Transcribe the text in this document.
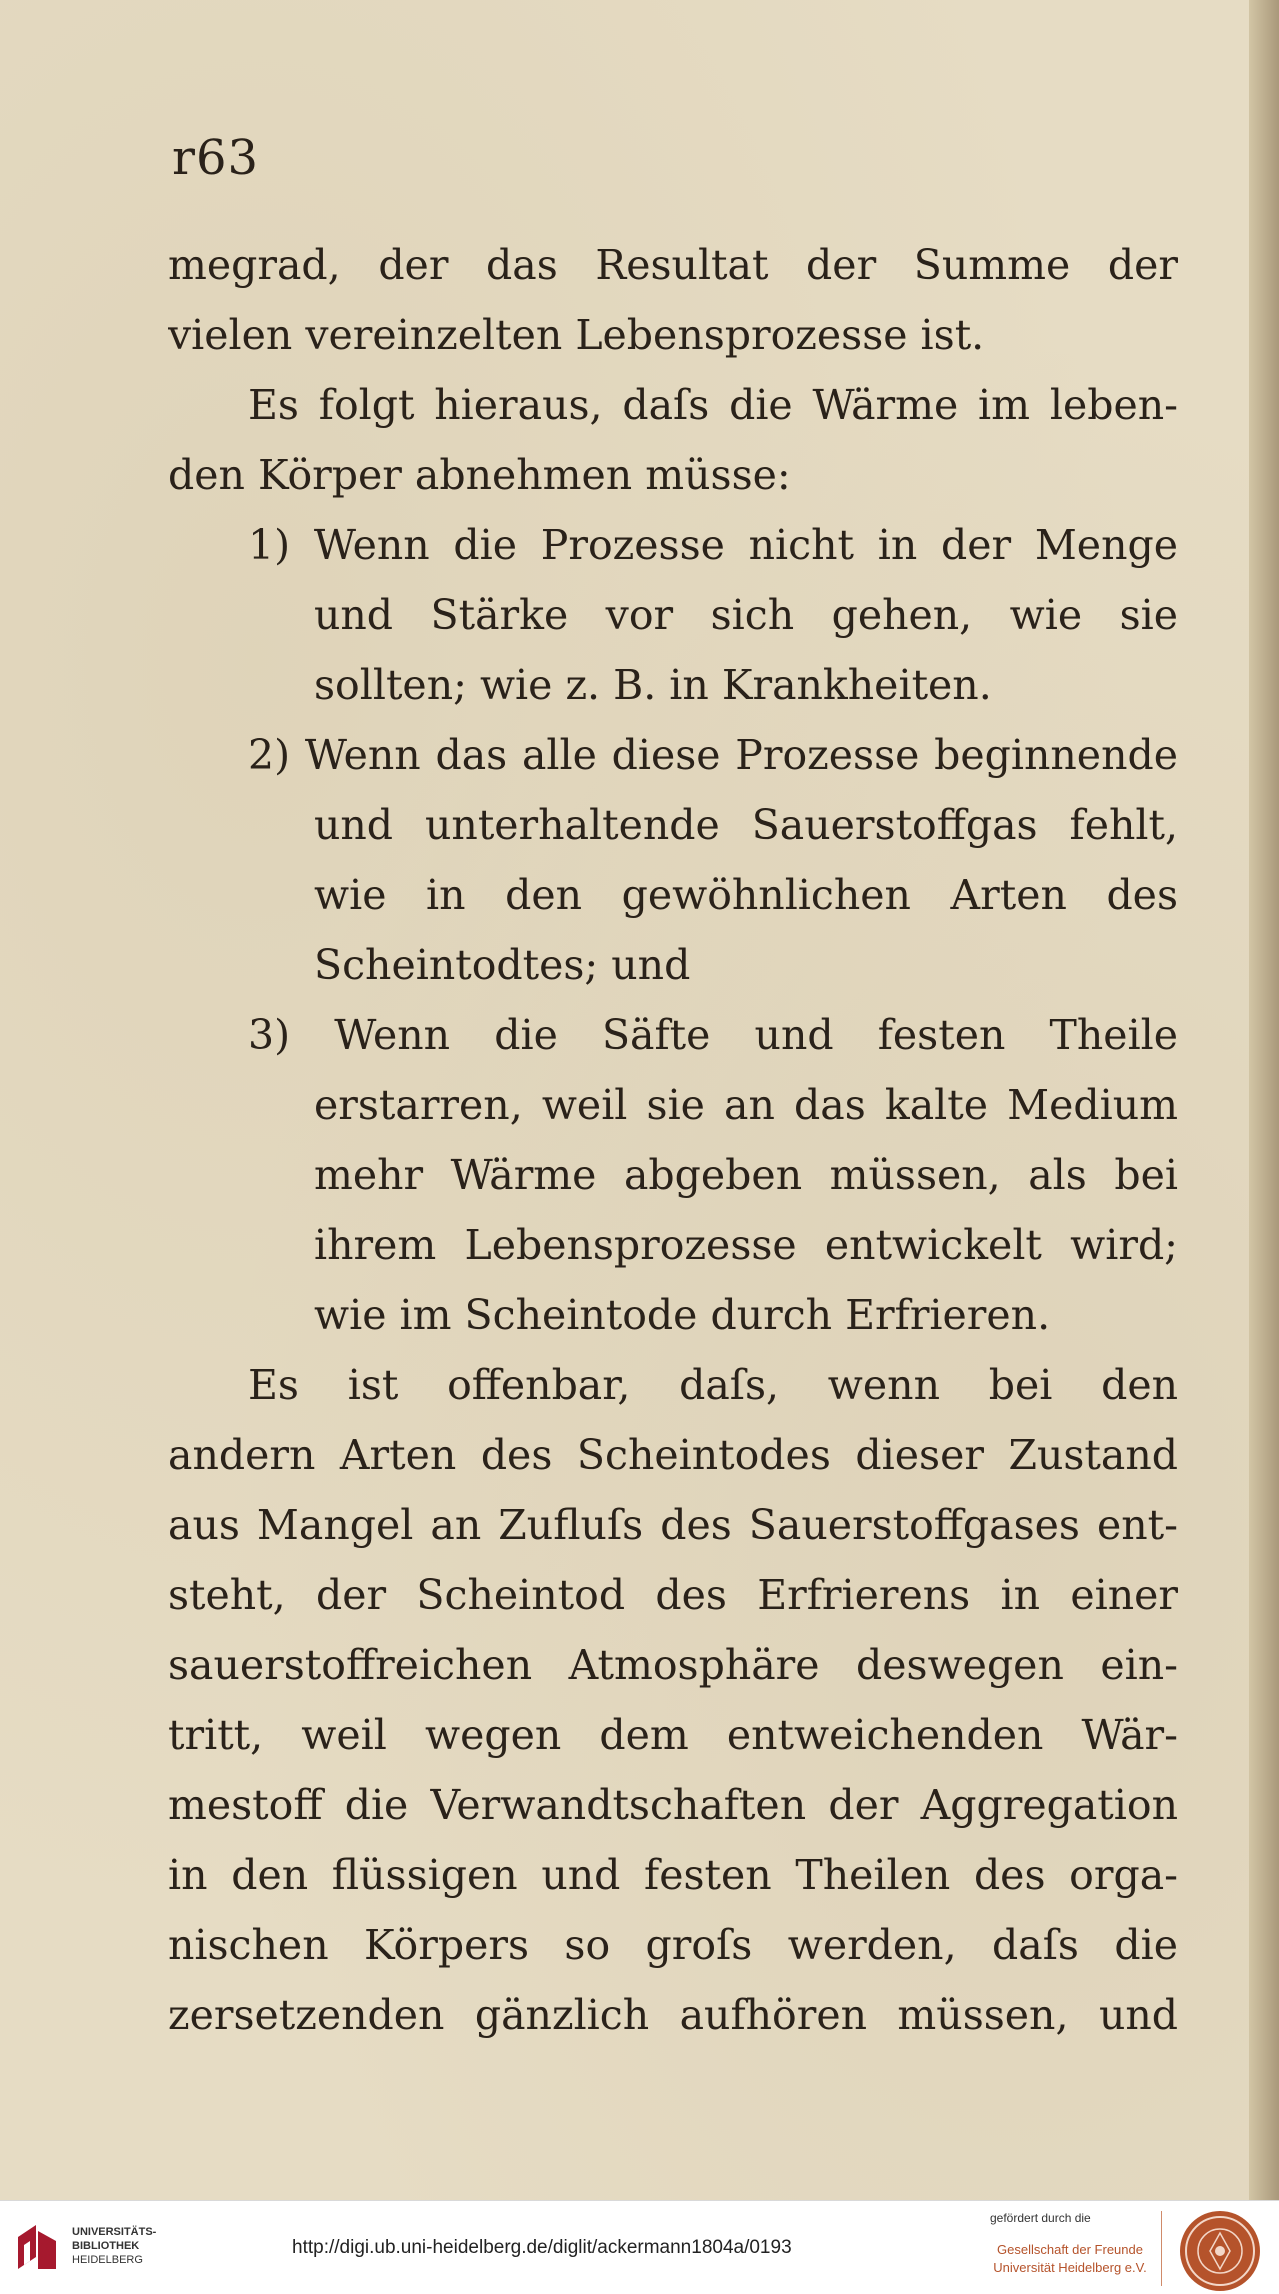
r63
megrad, der das Resultat der Summe der
vielen vereinzelten Lebensprozesse ist.
Es folgt hieraus, daſs die Wärme im leben-
den Körper abnehmen müsse:
1) Wenn die Prozesse nicht in der Menge
und Stärke vor sich gehen, wie sie
sollten; wie z. B. in Krankheiten.
2) Wenn das alle diese Prozesse beginnende
und unterhaltende Sauerstoffgas fehlt,
wie in den gewöhnlichen Arten des
Scheintodtes; und
3) Wenn die Säfte und festen Theile
erstarren, weil sie an das kalte Medium
mehr Wärme abgeben müssen, als bei
ihrem Lebensprozesse entwickelt wird;
wie im Scheintode durch Erfrieren.
Es ist offenbar, daſs, wenn bei den
andern Arten des Scheintodes dieser Zustand
aus Mangel an Zufluſs des Sauerstoffgases ent-
steht, der Scheintod des Erfrierens in einer
sauerstoffreichen Atmosphäre deswegen ein-
tritt, weil wegen dem entweichenden Wär-
mestoff die Verwandtschaften der Aggregation
in den flüssigen und festen Theilen des orga-
nischen Körpers so groſs werden, daſs die
zersetzenden gänzlich aufhören müssen, und
UNIVERSITÄTS-
BIBLIOTHEK
HEIDELBERG
http://digi.ub.uni-heidelberg.de/diglit/ackermann1804a/0193
gefördert durch die
Gesellschaft der Freunde
Universität Heidelberg e.V.
